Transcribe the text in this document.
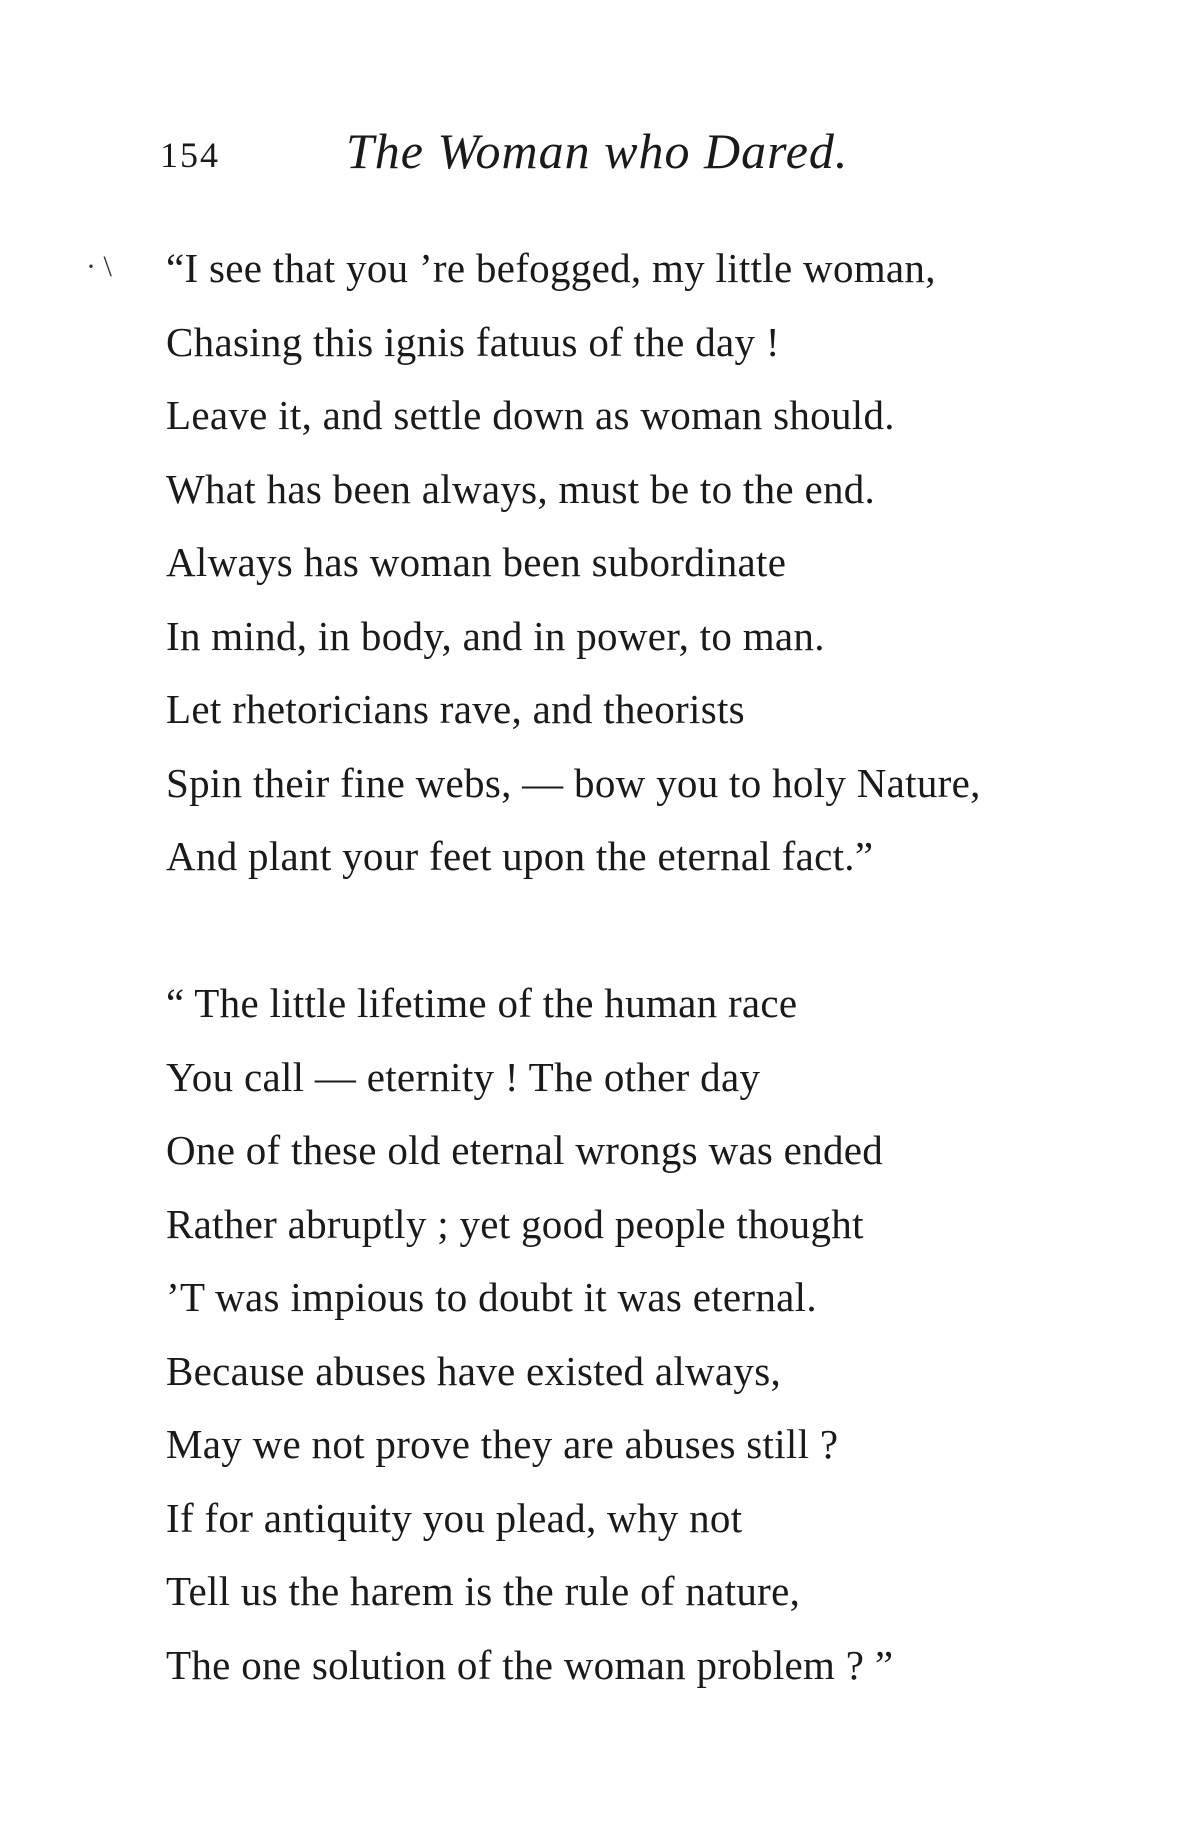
154	The Woman who Dared.
· \ “I see that you ’re befogged, my little woman,
Chasing this ignis fatuus of the day !
Leave it, and settle down as woman should.
What has been always, must be to the end.
Always has woman been subordinate
In mind, in body, and in power, to man.
Let rhetoricians rave, and theorists
Spin their fine webs, — bow you to holy Nature,
And plant your feet upon the eternal fact.”
“ The little lifetime of the human race
You call — eternity ! The other day
One of these old eternal wrongs was ended
Rather abruptly ; yet good people thought
’T was impious to doubt it was eternal.
Because abuses have existed always,
May we not prove they are abuses still ?
If for antiquity you plead, why not
Tell us the harem is the rule of nature,
The one solution of the woman problem ? ”
